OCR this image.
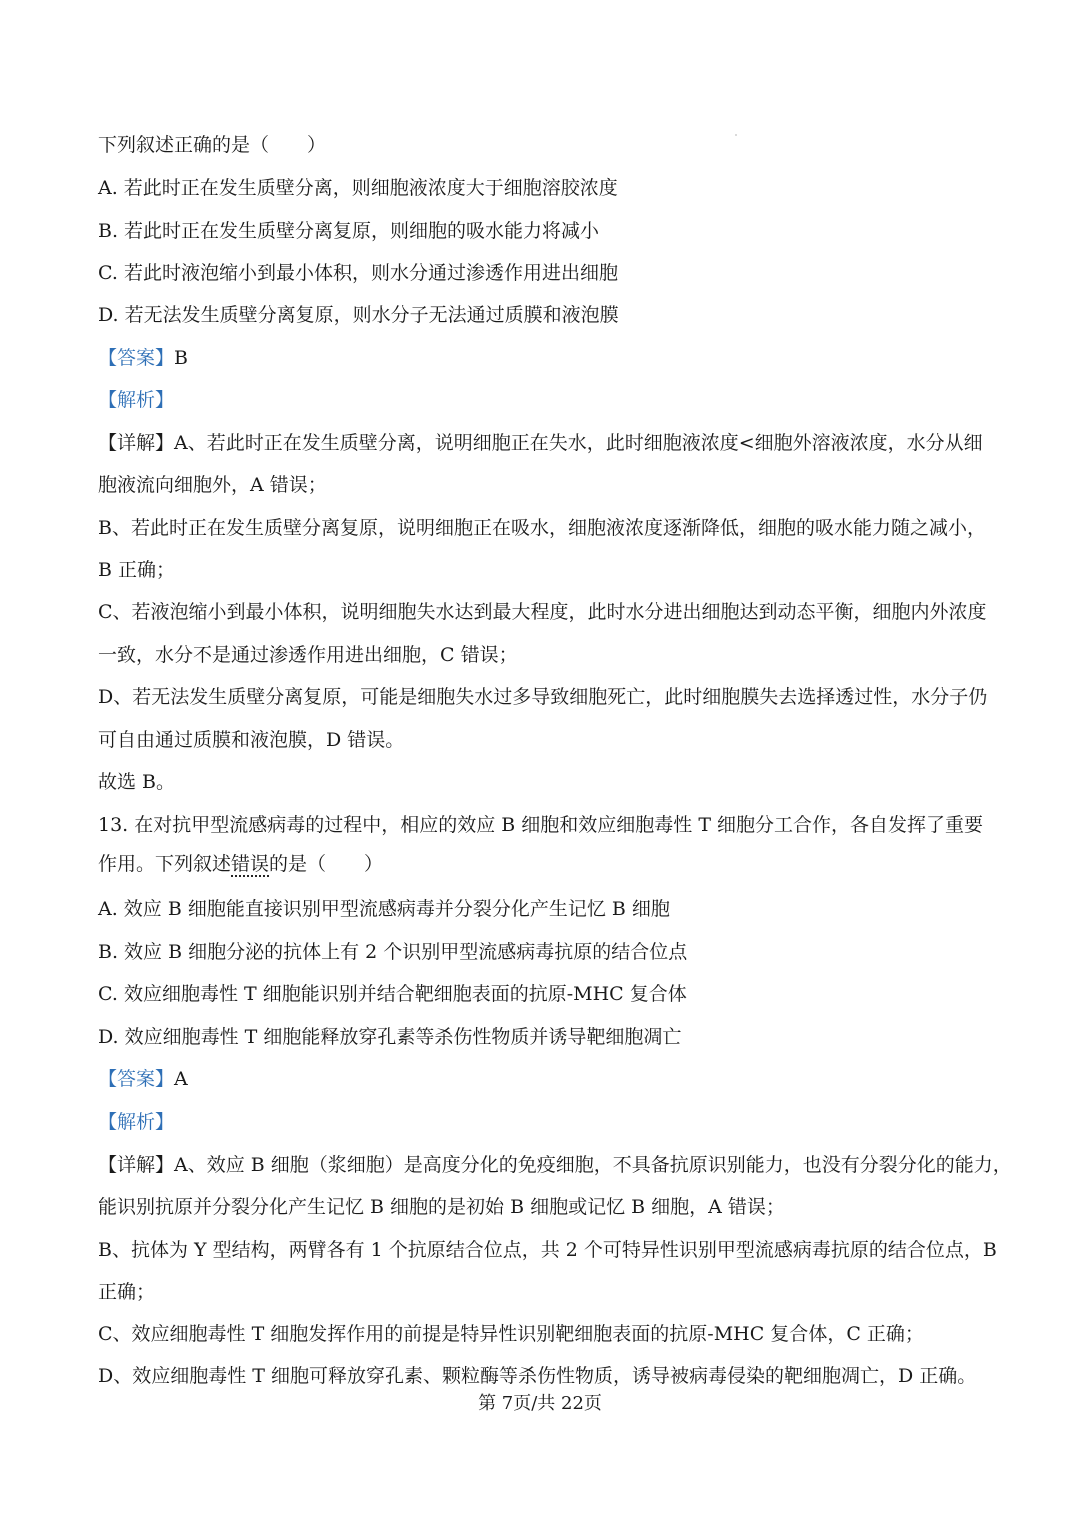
下列叙述正确的是（　　）
A. 若此时正在发生质壁分离，则细胞液浓度大于细胞溶胶浓度
B. 若此时正在发生质壁分离复原，则细胞的吸水能力将减小
C. 若此时液泡缩小到最小体积，则水分通过渗透作用进出细胞
D. 若无法发生质壁分离复原，则水分子无法通过质膜和液泡膜
【答案】B
【解析】
【详解】A、若此时正在发生质壁分离，说明细胞正在失水，此时细胞液浓度<细胞外溶液浓度，水分从细
胞液流向细胞外，A 错误；
B、若此时正在发生质壁分离复原，说明细胞正在吸水，细胞液浓度逐渐降低，细胞的吸水能力随之减小，
B 正确；
C、若液泡缩小到最小体积，说明细胞失水达到最大程度，此时水分进出细胞达到动态平衡，细胞内外浓度
一致，水分不是通过渗透作用进出细胞，C 错误；
D、若无法发生质壁分离复原，可能是细胞失水过多导致细胞死亡，此时细胞膜失去选择透过性，水分子仍
可自由通过质膜和液泡膜，D 错误。
故选 B。
13. 在对抗甲型流感病毒的过程中，相应的效应 B 细胞和效应细胞毒性 T 细胞分工合作，各自发挥了重要
作用。下列叙述错误的是（　　）
A. 效应 B 细胞能直接识别甲型流感病毒并分裂分化产生记忆 B 细胞
B. 效应 B 细胞分泌的抗体上有 2 个识别甲型流感病毒抗原的结合位点
C. 效应细胞毒性 T 细胞能识别并结合靶细胞表面的抗原-MHC 复合体
D. 效应细胞毒性 T 细胞能释放穿孔素等杀伤性物质并诱导靶细胞凋亡
【答案】A
【解析】
【详解】A、效应 B 细胞（浆细胞）是高度分化的免疫细胞，不具备抗原识别能力，也没有分裂分化的能力，
能识别抗原并分裂分化产生记忆 B 细胞的是初始 B 细胞或记忆 B 细胞，A 错误；
B、抗体为 Y 型结构，两臂各有 1 个抗原结合位点，共 2 个可特异性识别甲型流感病毒抗原的结合位点，B
正确；
C、效应细胞毒性 T 细胞发挥作用的前提是特异性识别靶细胞表面的抗原-MHC 复合体，C 正确；
D、效应细胞毒性 T 细胞可释放穿孔素、颗粒酶等杀伤性物质，诱导被病毒侵染的靶细胞凋亡，D 正确。
第 7页/共 22页
